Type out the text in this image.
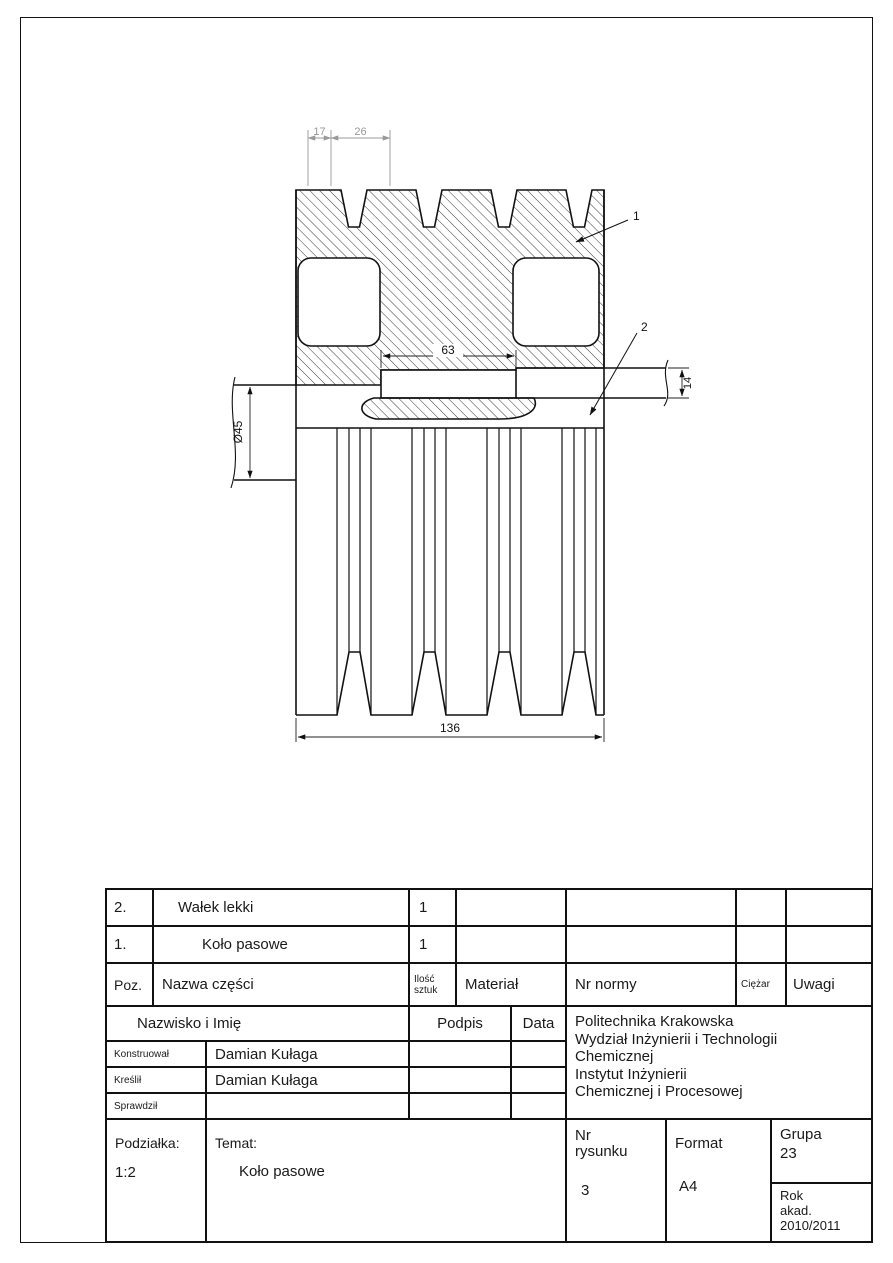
17	26
63
14
Ø45
136
1
2
2.	Wałek lekki	1
1.	Koło pasowe	1
Poz.	Nazwa części	Ilość
sztuk	Materiał	Nr normy	Ciężar	Uwagi
Nazwisko i Imię	Podpis	Data	Politechnika Krakowska
Wydział Inżynierii i Technologii
Chemicznej
Instytut Inżynierii
Chemicznej i Procesowej
Konstruował	Damian Kułaga
Kreślił	Damian Kułaga
Sprawdził
Podziałka:
1:2
Temat:
Koło pasowe
Nr
rysunku
3
Format
A4
Grupa
23
Rok
akad.
2010/2011
